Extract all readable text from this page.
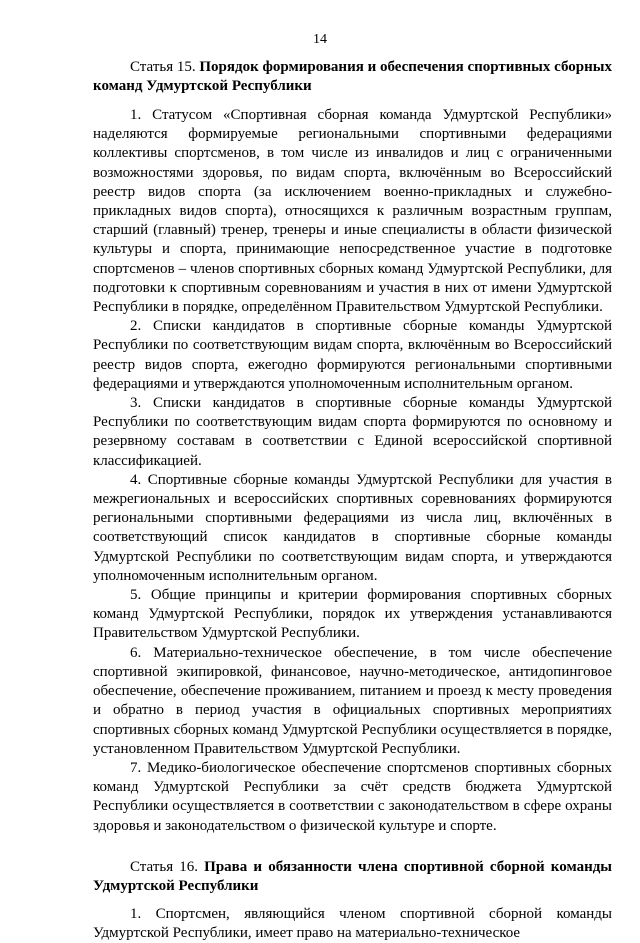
14
Статья 15. Порядок формирования и обеспечения спортивных сборных команд Удмуртской Республики

1. Статусом «Спортивная сборная команда Удмуртской Республики» наделяются формируемые региональными спортивными федерациями коллективы спортсменов, в том числе из инвалидов и лиц с ограниченными возможностями здоровья, по видам спорта, включённым во Всероссийский реестр видов спорта (за исключением военно-прикладных и служебно-прикладных видов спорта), относящихся к различным возрастным группам, старший (главный) тренер, тренеры и иные специалисты в области физической культуры и спорта, принимающие непосредственное участие в подготовке спортсменов – членов спортивных сборных команд Удмуртской Республики, для подготовки к спортивным соревнованиям и участия в них от имени Удмуртской Республики в порядке, определённом Правительством Удмуртской Республики.

2. Списки кандидатов в спортивные сборные команды Удмуртской Республики по соответствующим видам спорта, включённым во Всероссийский реестр видов спорта, ежегодно формируются региональными спортивными федерациями и утверждаются уполномоченным исполнительным органом.

3. Списки кандидатов в спортивные сборные команды Удмуртской Республики по соответствующим видам спорта формируются по основному и резервному составам в соответствии с Единой всероссийской спортивной классификацией.

4. Спортивные сборные команды Удмуртской Республики для участия в межрегиональных и всероссийских спортивных соревнованиях формируются региональными спортивными федерациями из числа лиц, включённых в соответствующий список кандидатов в спортивные сборные команды Удмуртской Республики по соответствующим видам спорта, и утверждаются уполномоченным исполнительным органом.

5. Общие принципы и критерии формирования спортивных сборных команд Удмуртской Республики, порядок их утверждения устанавливаются Правительством Удмуртской Республики.

6. Материально-техническое обеспечение, в том числе обеспечение спортивной экипировкой, финансовое, научно-методическое, антидопинговое обеспечение, обеспечение проживанием, питанием и проезд к месту проведения и обратно в период участия в официальных спортивных мероприятиях спортивных сборных команд Удмуртской Республики осуществляется в порядке, установленном Правительством Удмуртской Республики.

7. Медико-биологическое обеспечение спортсменов спортивных сборных команд Удмуртской Республики за счёт средств бюджета Удмуртской Республики осуществляется в соответствии с законодательством в сфере охраны здоровья и законодательством о физической культуре и спорте.

Статья 16. Права и обязанности члена спортивной сборной команды Удмуртской Республики

1. Спортсмен, являющийся членом спортивной сборной команды Удмуртской Республики, имеет право на материально-техническое
